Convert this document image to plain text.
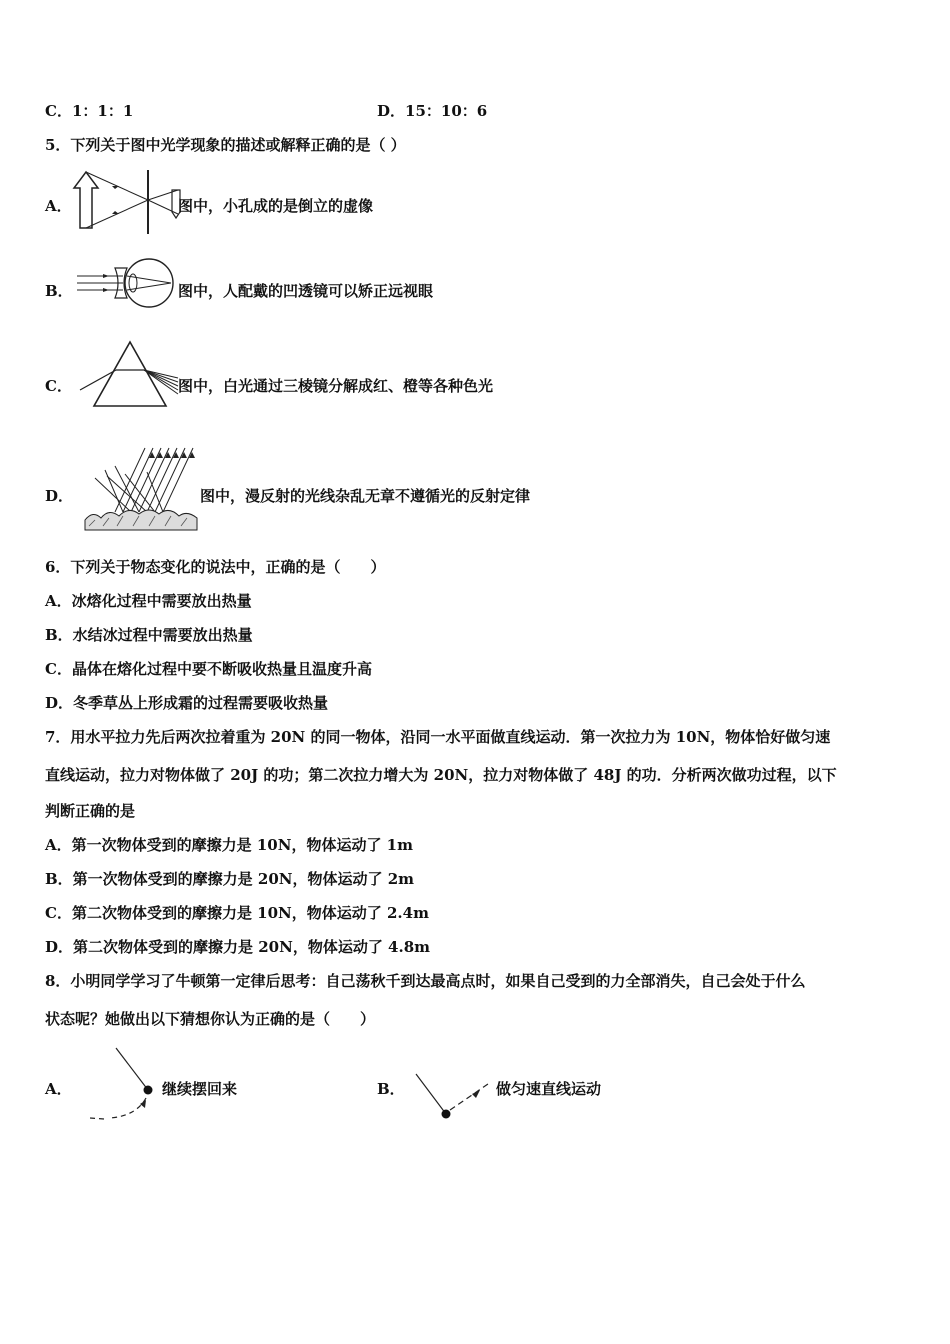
C．1：1：1	D．15：10：6
5．下列关于图中光学现象的描述或解释正确的是（ ）
A．	图中，小孔成的是倒立的虚像
B．	图中，人配戴的凹透镜可以矫正远视眼
C．	图中，白光通过三棱镜分解成红、橙等各种色光
D．	图中，漫反射的光线杂乱无章不遵循光的反射定律
6．下列关于物态变化的说法中，正确的是（　　）
A．冰熔化过程中需要放出热量
B．水结冰过程中需要放出热量
C．晶体在熔化过程中要不断吸收热量且温度升高
D．冬季草丛上形成霜的过程需要吸收热量
7．用水平拉力先后两次拉着重为 20N 的同一物体，沿同一水平面做直线运动．第一次拉力为 10N，物体恰好做匀速
直线运动，拉力对物体做了 20J 的功；第二次拉力增大为 20N，拉力对物体做了 48J 的功．分析两次做功过程，以下
判断正确的是
A．第一次物体受到的摩擦力是 10N，物体运动了 1m
B．第一次物体受到的摩擦力是 20N，物体运动了 2m
C．第二次物体受到的摩擦力是 10N，物体运动了 2.4m
D．第二次物体受到的摩擦力是 20N，物体运动了 4.8m
8．小明同学学习了牛顿第一定律后思考：自己荡秋千到达最高点时，如果自己受到的力全部消失，自己会处于什么
状态呢？她做出以下猜想你认为正确的是（　　）
A．	继续摆回来	B．	做匀速直线运动
